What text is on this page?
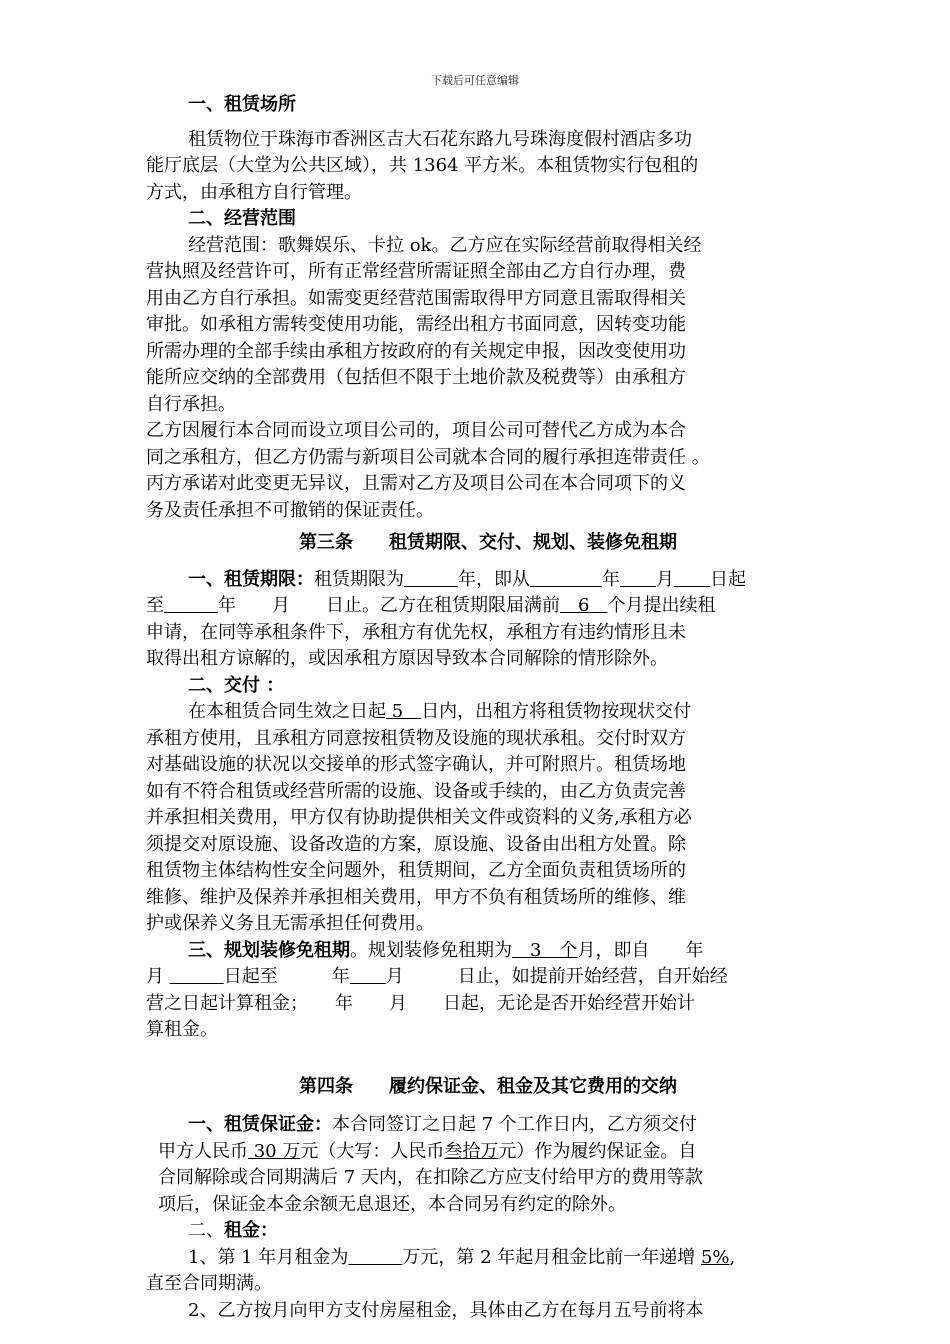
下载后可任意编辑
一、租赁场所
租赁物位于珠海市香洲区吉大石花东路九号珠海度假村酒店多功
能厅底层（大堂为公共区域），共 1364 平方米。本租赁物实行包租的
方式，由承租方自行管理。
二、经营范围
经营范围：歌舞娱乐、卡拉 ok。乙方应在实际经营前取得相关经
营执照及经营许可，所有正常经营所需证照全部由乙方自行办理，费
用由乙方自行承担。如需变更经营范围需取得甲方同意且需取得相关
审批。如承租方需转变使用功能，需经出租方书面同意，因转变功能
所需办理的全部手续由承租方按政府的有关规定申报，因改变使用功
能所应交纳的全部费用（包括但不限于土地价款及税费等）由承租方
自行承担。
乙方因履行本合同而设立项目公司的，项目公司可替代乙方成为本合
同之承租方，但乙方仍需与新项目公司就本合同的履行承担连带责任 。
丙方承诺对此变更无异议，且需对乙方及项目公司在本合同项下的义
务及责任承担不可撤销的保证责任。
第三条　　租赁期限、交付、规划、装修免租期
一、租赁期限：租赁期限为　　　	年，即从　　　　	年　　 月　　 日起
至　　　	年　　月　　日止。乙方在租赁期限届满前　6　个月提出续租
申请，在同等承租条件下，承租方有优先权，承租方有违约情形且未
取得出租方谅解的，或因承租方原因导致本合同解除的情形除外。
二、交付 ：
在本租赁合同生效之日起 5　日内，出租方将租赁物按现状交付
承租方使用，且承租方同意按租赁物及设施的现状承租。交付时双方
对基础设施的状况以交接单的形式签字确认，并可附照片。租赁场地
如有不符合租赁或经营所需的设施、设备或手续的，由乙方负责完善
并承担相关费用，甲方仅有协助提供相关文件或资料的义务,承租方必
须提交对原设施、设备改造的方案，原设施、设备由出租方处置。除
租赁物主体结构性安全问题外，租赁期间，乙方全面负责租赁场所的
维修、维护及保养并承担相关费用，甲方不负有租赁场所的维修、维
护或保养义务且无需承担任何费用。
三、规划装修免租期。规划装修免租期为　3　个月，即自　　年
月 　　　	日起至　　　年　　 月　　　日止，如提前开始经营，自开始经
营之日起计算租金；　　年　　月　　日起，无论是否开始经营开始计
算租金。
第四条　　履约保证金、租金及其它费用的交纳
一、租赁保证金：本合同签订之日起 7 个工作日内，乙方须交付
甲方人民币 30 万元（大写：人民币叁拾万元）作为履约保证金。自
合同解除或合同期满后 7 天内，在扣除乙方应支付给甲方的费用等款
项后，保证金本金余额无息退还，本合同另有约定的除外。
二、租金：
1、第 1 年月租金为　　　	万元，第 2 年起月租金比前一年递增 5%,
直至合同期满。
2、乙方按月向甲方支付房屋租金，具体由乙方在每月五号前将本
